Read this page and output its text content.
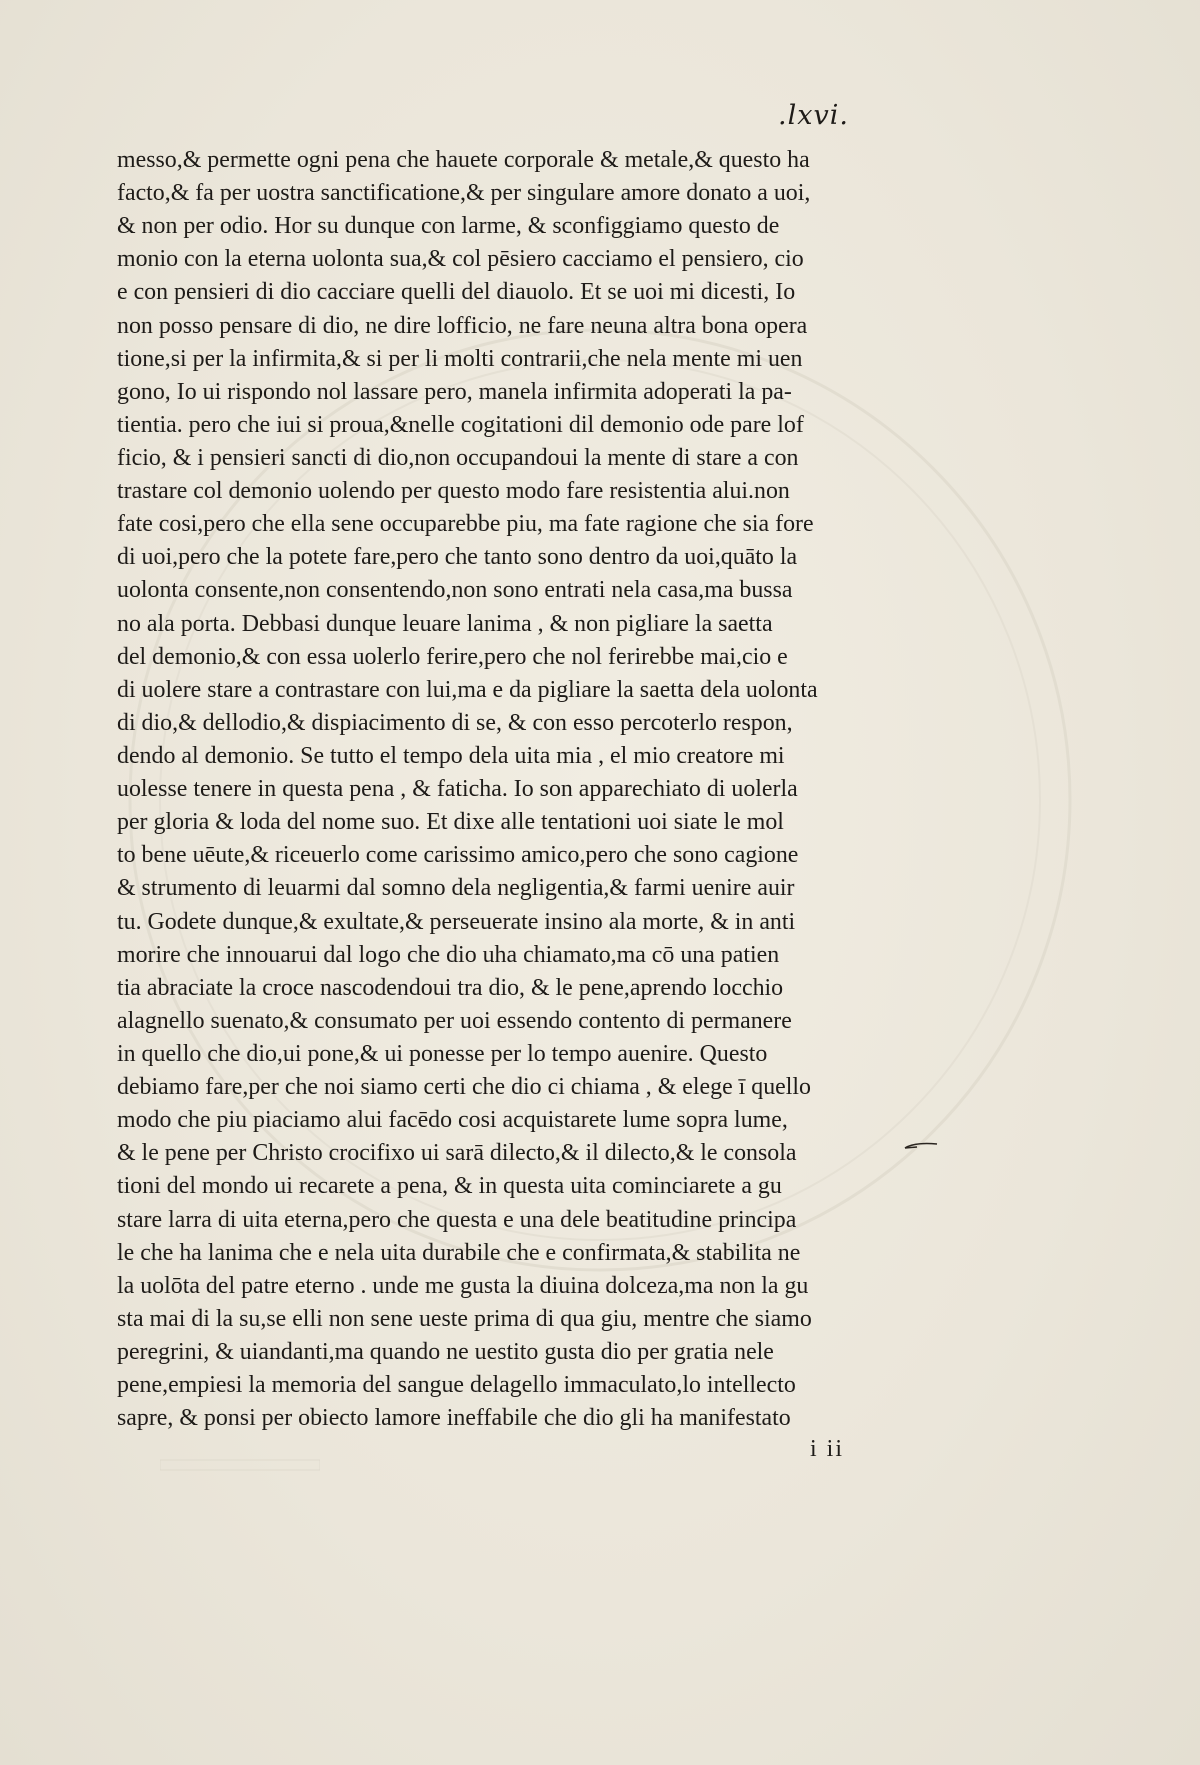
.lxvi.
messo,& permette ogni pena che hauete corporale & metale,& questo ha
facto,& fa per uostra sanctificatione,& per singulare amore donato a uoi,
& non per odio. Hor su dunque con larme, & sconfiggiamo questo de
monio con la eterna uolonta sua,& col pēsiero cacciamo el pensiero, cio
e con pensieri di dio cacciare quelli del diauolo. Et se uoi mi dicesti, Io
non posso pensare di dio, ne dire lofficio, ne fare neuna altra bona opera
tione,si per la infirmita,& si per li molti contrarii,che nela mente mi uen
gono, Io ui rispondo nol lassare pero, manela infirmita adoperati la pa-
tientia. pero che iui si proua,&nelle cogitationi dil demonio ode pare lof
ficio, & i pensieri sancti di dio,non occupandoui la mente di stare a con
trastare col demonio uolendo per questo modo fare resistentia alui.non
fate cosi,pero che ella sene occuparebbe piu, ma fate ragione che sia fore
di uoi,pero che la potete fare,pero che tanto sono dentro da uoi,quāto la
uolonta consente,non consentendo,non sono entrati nela casa,ma bussa
no ala porta. Debbasi dunque leuare lanima , & non pigliare la saetta
del demonio,& con essa uolerlo ferire,pero che nol ferirebbe mai,cio e
di uolere stare a contrastare con lui,ma e da pigliare la saetta dela uolonta
di dio,& dellodio,& dispiacimento di se, & con esso percoterlo respon,
dendo al demonio. Se tutto el tempo dela uita mia , el mio creatore mi
uolesse tenere in questa pena , & faticha. Io son apparechiato di uolerla
per gloria & loda del nome suo. Et dixe alle tentationi uoi siate le mol
to bene uēute,& riceuerlo come carissimo amico,pero che sono cagione
& strumento di leuarmi dal somno dela negligentia,& farmi uenire auir
tu. Godete dunque,& exultate,& perseuerate insino ala morte, & in anti
morire che innouarui dal logo che dio uha chiamato,ma cō una patien
tia abraciate la croce nascodendoui tra dio, & le pene,aprendo locchio
alagnello suenato,& consumato per uoi essendo contento di permanere
in quello che dio,ui pone,& ui ponesse per lo tempo auenire. Questo
debiamo fare,per che noi siamo certi che dio ci chiama , & elege ī quello
modo che piu piaciamo alui facēdo cosi acquistarete lume sopra lume,
& le pene per Christo crocifixo ui sarā dilecto,& il dilecto,& le consola
tioni del mondo ui recarete a pena, & in questa uita cominciarete a gu
stare larra di uita eterna,pero che questa e una dele beatitudine principa
le che ha lanima che e nela uita durabile che e confirmata,& stabilita ne
la uolōta del patre eterno . unde me gusta la diuina dolceza,ma non la gu
sta mai di la su,se elli non sene ueste prima di qua giu, mentre che siamo
peregrini, & uiandanti,ma quando ne uestito gusta dio per gratia nele
pene,empiesi la memoria del sangue delagello immaculato,lo intellecto
sapre, & ponsi per obiecto lamore ineffabile che dio gli ha manifestato
i ii
